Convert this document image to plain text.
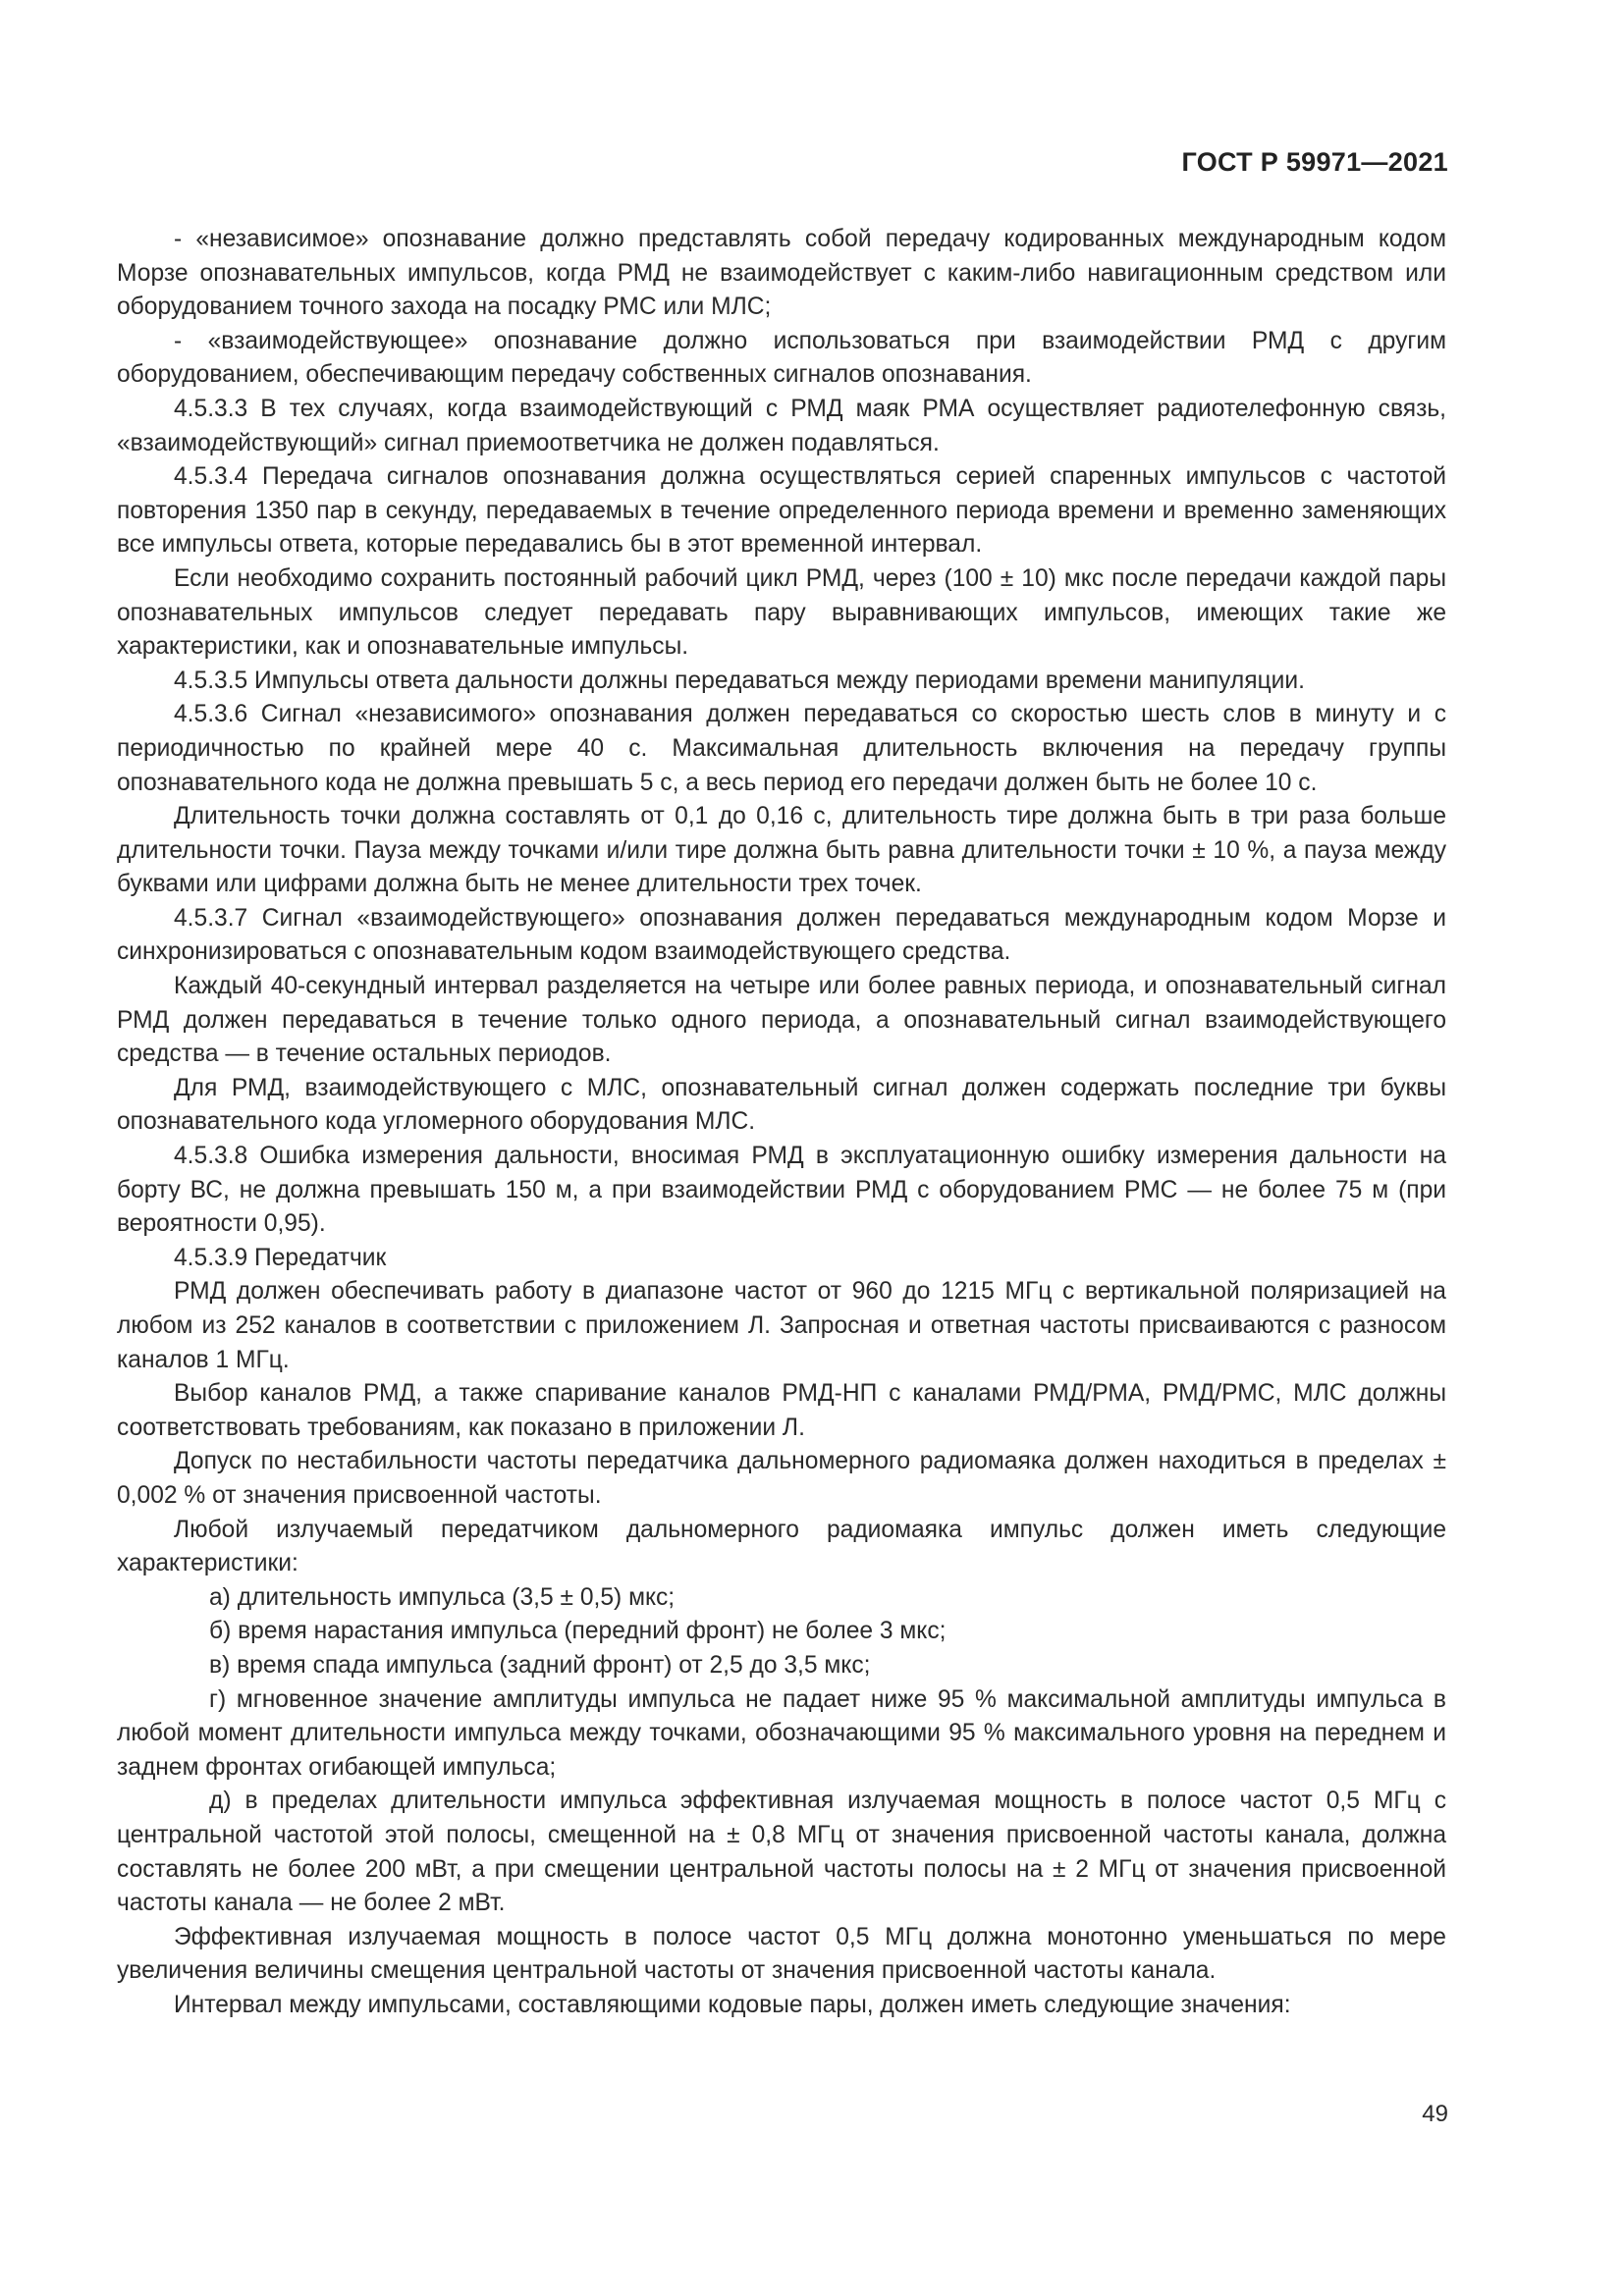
ГОСТ Р 59971—2021

- «независимое» опознавание должно представлять собой передачу кодированных международным кодом Морзе опознавательных импульсов, когда РМД не взаимодействует с каким-либо навигационным средством или оборудованием точного захода на посадку РМС или МЛС;

- «взаимодействующее» опознавание должно использоваться при взаимодействии РМД с другим оборудованием, обеспечивающим передачу собственных сигналов опознавания.

4.5.3.3 В тех случаях, когда взаимодействующий с РМД маяк РМА осуществляет радиотелефонную связь, «взаимодействующий» сигнал приемоответчика не должен подавляться.

4.5.3.4 Передача сигналов опознавания должна осуществляться серией спаренных импульсов с частотой повторения 1350 пар в секунду, передаваемых в течение определенного периода времени и временно заменяющих все импульсы ответа, которые передавались бы в этот временной интервал.

Если необходимо сохранить постоянный рабочий цикл РМД, через (100 ± 10) мкс после передачи каждой пары опознавательных импульсов следует передавать пару выравнивающих импульсов, имеющих такие же характеристики, как и опознавательные импульсы.

4.5.3.5 Импульсы ответа дальности должны передаваться между периодами времени манипуляции.

4.5.3.6 Сигнал «независимого» опознавания должен передаваться со скоростью шесть слов в минуту и с периодичностью по крайней мере 40 с. Максимальная длительность включения на передачу группы опознавательного кода не должна превышать 5 с, а весь период его передачи должен быть не более 10 с.

Длительность точки должна составлять от 0,1 до 0,16 с, длительность тире должна быть в три раза больше длительности точки. Пауза между точками и/или тире должна быть равна длительности точки ± 10 %, а пауза между буквами или цифрами должна быть не менее длительности трех точек.

4.5.3.7 Сигнал «взаимодействующего» опознавания должен передаваться международным кодом Морзе и синхронизироваться с опознавательным кодом взаимодействующего средства.

Каждый 40-секундный интервал разделяется на четыре или более равных периода, и опознавательный сигнал РМД должен передаваться в течение только одного периода, а опознавательный сигнал взаимодействующего средства — в течение остальных периодов.

Для РМД, взаимодействующего с МЛС, опознавательный сигнал должен содержать последние три буквы опознавательного кода угломерного оборудования МЛС.

4.5.3.8 Ошибка измерения дальности, вносимая РМД в эксплуатационную ошибку измерения дальности на борту ВС, не должна превышать 150 м, а при взаимодействии РМД с оборудованием РМС — не более 75 м (при вероятности 0,95).

4.5.3.9 Передатчик

РМД должен обеспечивать работу в диапазоне частот от 960 до 1215 МГц с вертикальной поляризацией на любом из 252 каналов в соответствии с приложением Л. Запросная и ответная частоты присваиваются с разносом каналов 1 МГц.

Выбор каналов РМД, а также спаривание каналов РМД-НП с каналами РМД/РМА, РМД/РМС, МЛС должны соответствовать требованиям, как показано в приложении Л.

Допуск по нестабильности частоты передатчика дальномерного радиомаяка должен находиться в пределах ± 0,002 % от значения присвоенной частоты.

Любой излучаемый передатчиком дальномерного радиомаяка импульс должен иметь следующие характеристики:

а) длительность импульса (3,5 ± 0,5) мкс;

б) время нарастания импульса (передний фронт) не более 3 мкс;

в) время спада импульса (задний фронт) от 2,5 до 3,5 мкс;

г) мгновенное значение амплитуды импульса не падает ниже 95 % максимальной амплитуды импульса в любой момент длительности импульса между точками, обозначающими 95 % максимального уровня на переднем и заднем фронтах огибающей импульса;

д) в пределах длительности импульса эффективная излучаемая мощность в полосе частот 0,5 МГц с центральной частотой этой полосы, смещенной на ± 0,8 МГц от значения присвоенной частоты канала, должна составлять не более 200 мВт, а при смещении центральной частоты полосы на ± 2 МГц от значения присвоенной частоты канала — не более 2 мВт.

Эффективная излучаемая мощность в полосе частот 0,5 МГц должна монотонно уменьшаться по мере увеличения величины смещения центральной частоты от значения присвоенной частоты канала.

Интервал между импульсами, составляющими кодовые пары, должен иметь следующие значения:

49
